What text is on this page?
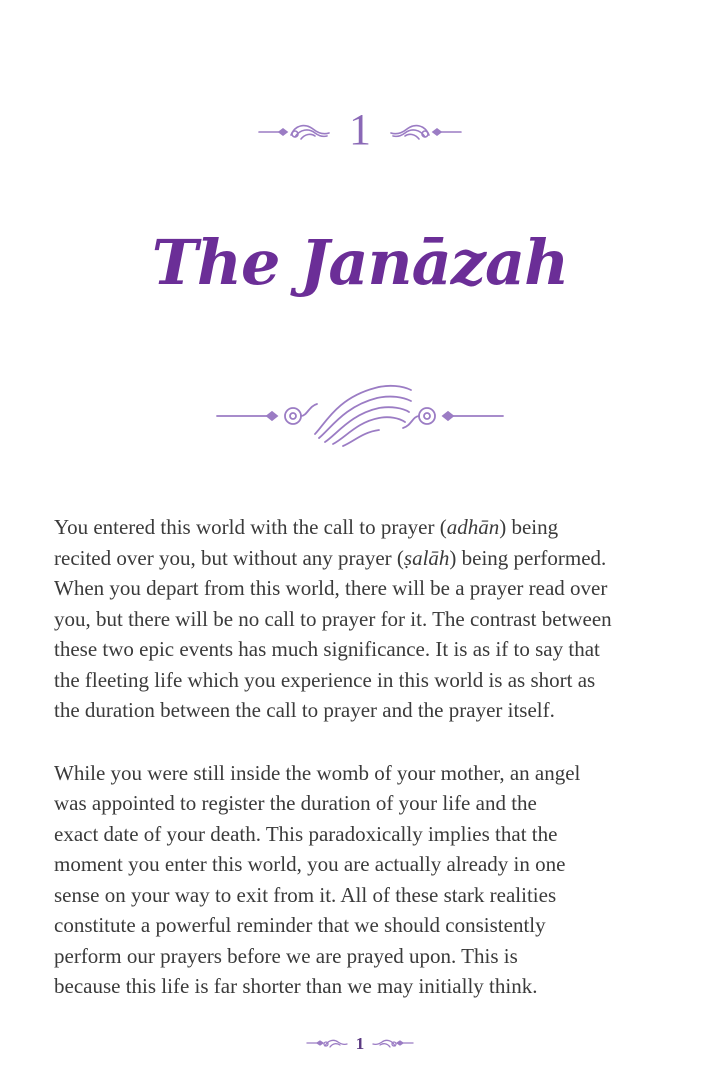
1
The Janāzah

You entered this world with the call to prayer (adhān) being
recited over you, but without any prayer (ṣalāh) being performed.
When you depart from this world, there will be a prayer read over
you, but there will be no call to prayer for it. The contrast between
these two epic events has much significance. It is as if to say that
the fleeting life which you experience in this world is as short as
the duration between the call to prayer and the prayer itself.

While you were still inside the womb of your mother, an angel
was appointed to register the duration of your life and the
exact date of your death. This paradoxically implies that the
moment you enter this world, you are actually already in one
sense on your way to exit from it. All of these stark realities
constitute a powerful reminder that we should consistently
perform our prayers before we are prayed upon. This is
because this life is far shorter than we may initially think.

1
